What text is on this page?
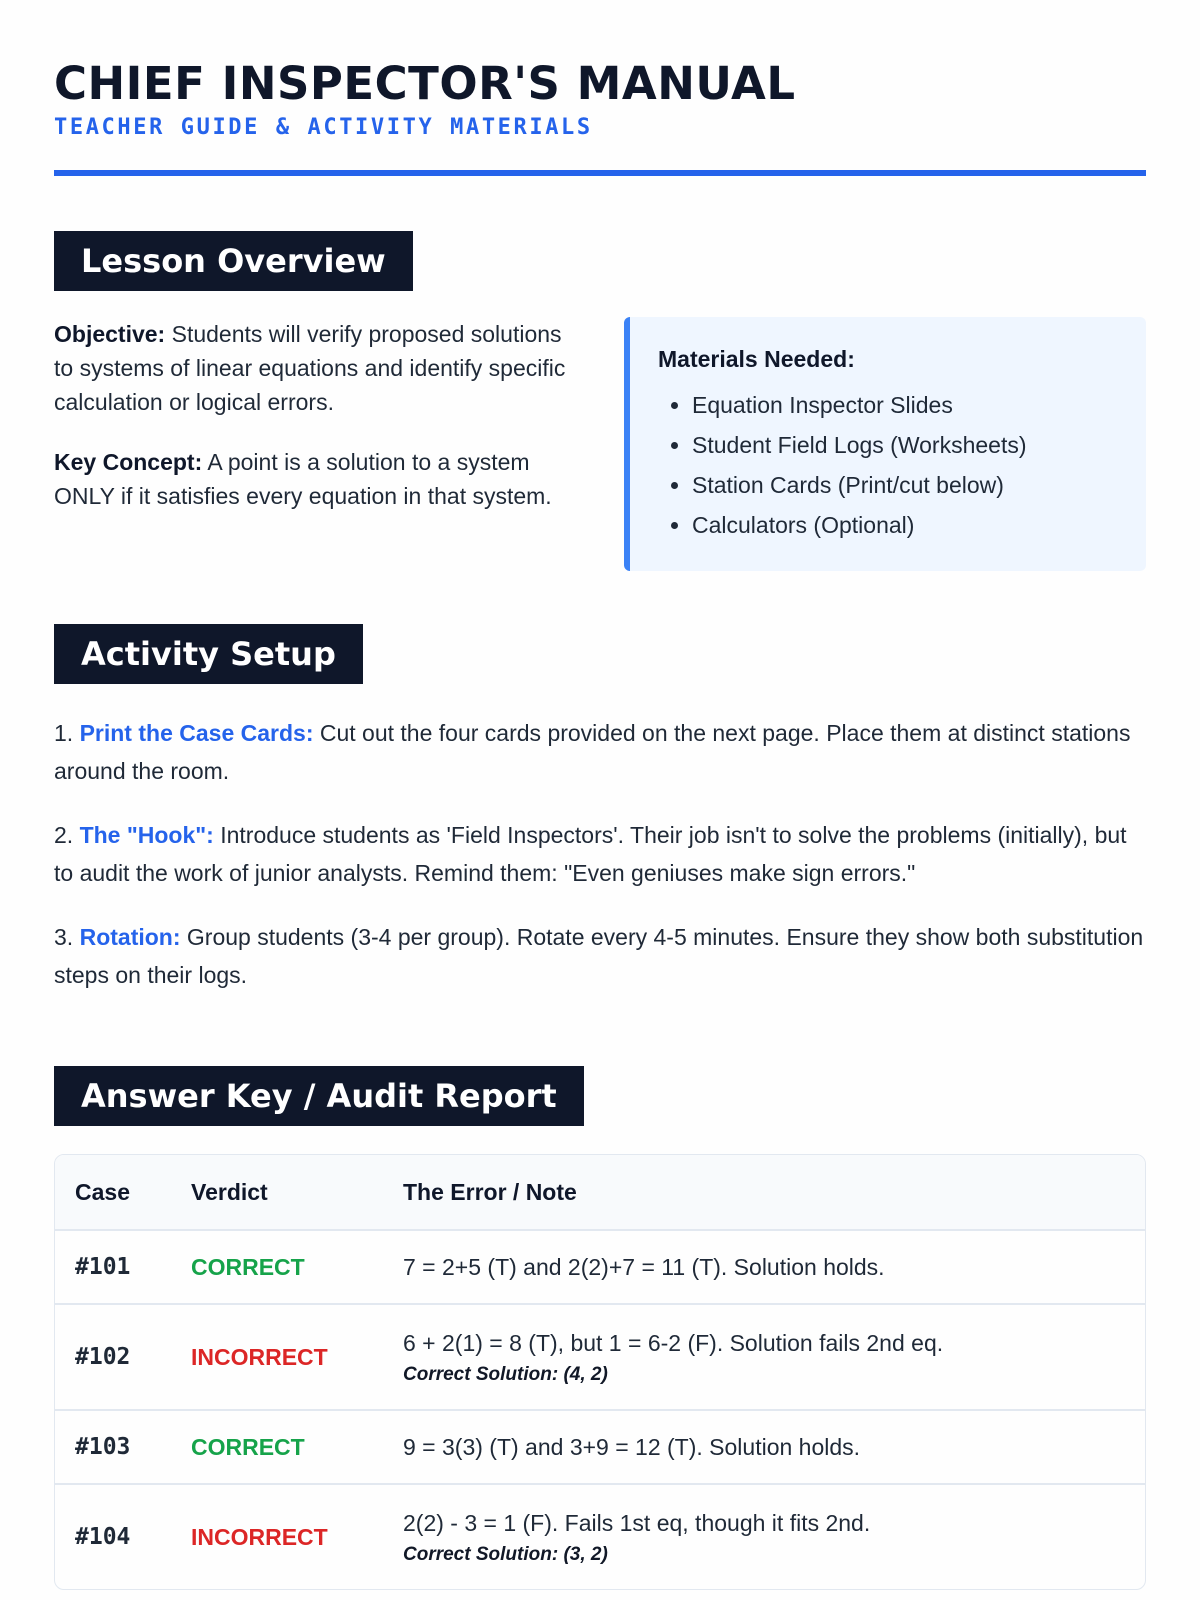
CHIEF INSPECTOR'S MANUAL
TEACHER GUIDE & ACTIVITY MATERIALS
Lesson Overview

Objective: Students will verify proposed solutions to systems of linear equations and identify specific calculation or logical errors.

Key Concept: A point is a solution to a system ONLY if it satisfies every equation in that system.

Materials Needed:
• Equation Inspector Slides
• Student Field Logs (Worksheets)
• Station Cards (Print/cut below)
• Calculators (Optional)
Activity Setup

1. Print the Case Cards: Cut out the four cards provided on the next page. Place them at distinct stations around the room.

2. The "Hook": Introduce students as 'Field Inspectors'. Their job isn't to solve the problems (initially), but to audit the work of junior analysts. Remind them: "Even geniuses make sign errors."

3. Rotation: Group students (3-4 per group). Rotate every 4-5 minutes. Ensure they show both substitution steps on their logs.

Answer Key / Audit Report
Case	Verdict	The Error / Note
#101	CORRECT	7 = 2+5 (T) and 2(2)+7 = 11 (T). Solution holds.

#102	INCORRECT	6 + 2(1) = 8 (T), but 1 = 6-2 (F). Solution fails 2nd eq.
Correct Solution: (4, 2)

#103	CORRECT	9 = 3(3) (T) and 3+9 = 12 (T). Solution holds.

#104	INCORRECT	2(2) - 3 = 1 (F). Fails 1st eq, though it fits 2nd.
Correct Solution: (3, 2)
